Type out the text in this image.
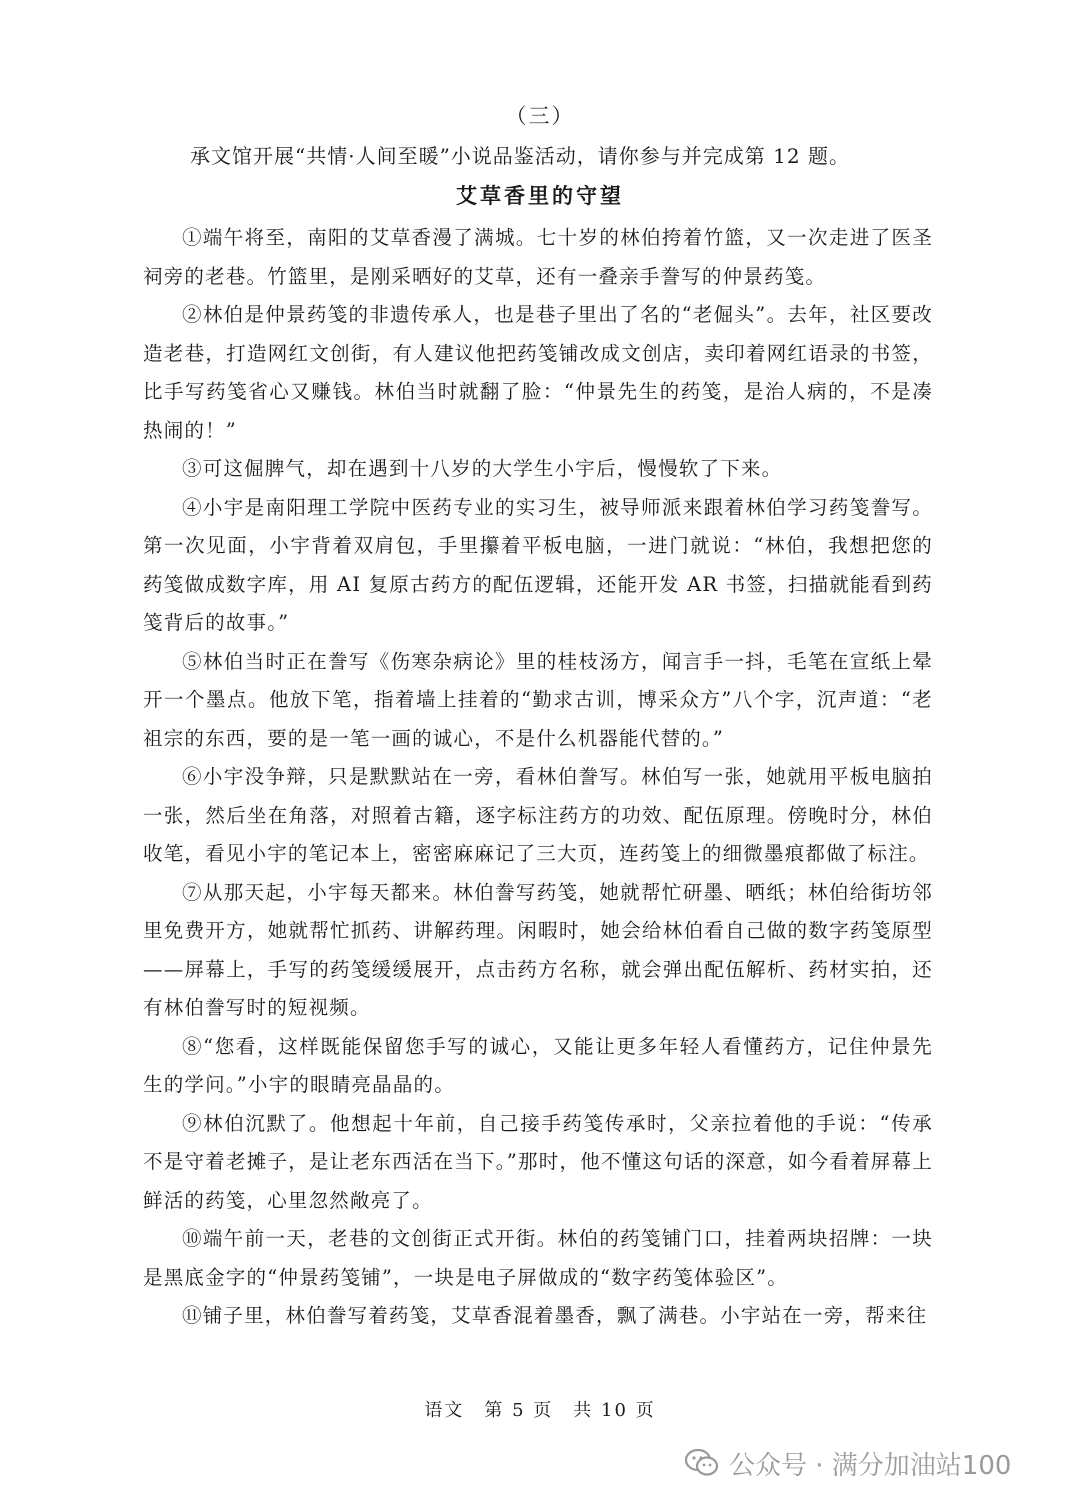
（三）
承文馆开展“共情·人间至暖”小说品鉴活动，请你参与并完成第 12 题。
艾草香里的守望

①端午将至，南阳的艾草香漫了满城。七十岁的林伯挎着竹篮，又一次走进了医圣祠旁的老巷。竹篮里，是刚采晒好的艾草，还有一叠亲手誊写的仲景药笺。

②林伯是仲景药笺的非遗传承人，也是巷子里出了名的“老倔头”。去年，社区要改造老巷，打造网红文创街，有人建议他把药笺铺改成文创店，卖印着网红语录的书签，比手写药笺省心又赚钱。林伯当时就翻了脸：“仲景先生的药笺，是治人病的，不是凑热闹的！”

③可这倔脾气，却在遇到十八岁的大学生小宇后，慢慢软了下来。

④小宇是南阳理工学院中医药专业的实习生，被导师派来跟着林伯学习药笺誊写。第一次见面，小宇背着双肩包，手里攥着平板电脑，一进门就说：“林伯，我想把您的药笺做成数字库，用 AI 复原古药方的配伍逻辑，还能开发 AR 书签，扫描就能看到药笺背后的故事。”

⑤林伯当时正在誊写《伤寒杂病论》里的桂枝汤方，闻言手一抖，毛笔在宣纸上晕开一个墨点。他放下笔，指着墙上挂着的“勤求古训，博采众方”八个字，沉声道：“老祖宗的东西，要的是一笔一画的诚心，不是什么机器能代替的。”

⑥小宇没争辩，只是默默站在一旁，看林伯誊写。林伯写一张，她就用平板电脑拍一张，然后坐在角落，对照着古籍，逐字标注药方的功效、配伍原理。傍晚时分，林伯收笔，看见小宇的笔记本上，密密麻麻记了三大页，连药笺上的细微墨痕都做了标注。

⑦从那天起，小宇每天都来。林伯誊写药笺，她就帮忙研墨、晒纸；林伯给街坊邻里免费开方，她就帮忙抓药、讲解药理。闲暇时，她会给林伯看自己做的数字药笺原型——屏幕上，手写的药笺缓缓展开，点击药方名称，就会弹出配伍解析、药材实拍，还有林伯誊写时的短视频。

⑧“您看，这样既能保留您手写的诚心，又能让更多年轻人看懂药方，记住仲景先生的学问。”小宇的眼睛亮晶晶的。

⑨林伯沉默了。他想起十年前，自己接手药笺传承时，父亲拉着他的手说：“传承不是守着老摊子，是让老东西活在当下。”那时，他不懂这句话的深意，如今看着屏幕上鲜活的药笺，心里忽然敞亮了。

⑩端午前一天，老巷的文创街正式开街。林伯的药笺铺门口，挂着两块招牌：一块是黑底金字的“仲景药笺铺”，一块是电子屏做成的“数字药笺体验区”。

⑪铺子里，林伯誊写着药笺，艾草香混着墨香，飘了满巷。小宇站在一旁，帮来往

语文　第 5 页　共 10 页
公众号 · 满分加油站100
